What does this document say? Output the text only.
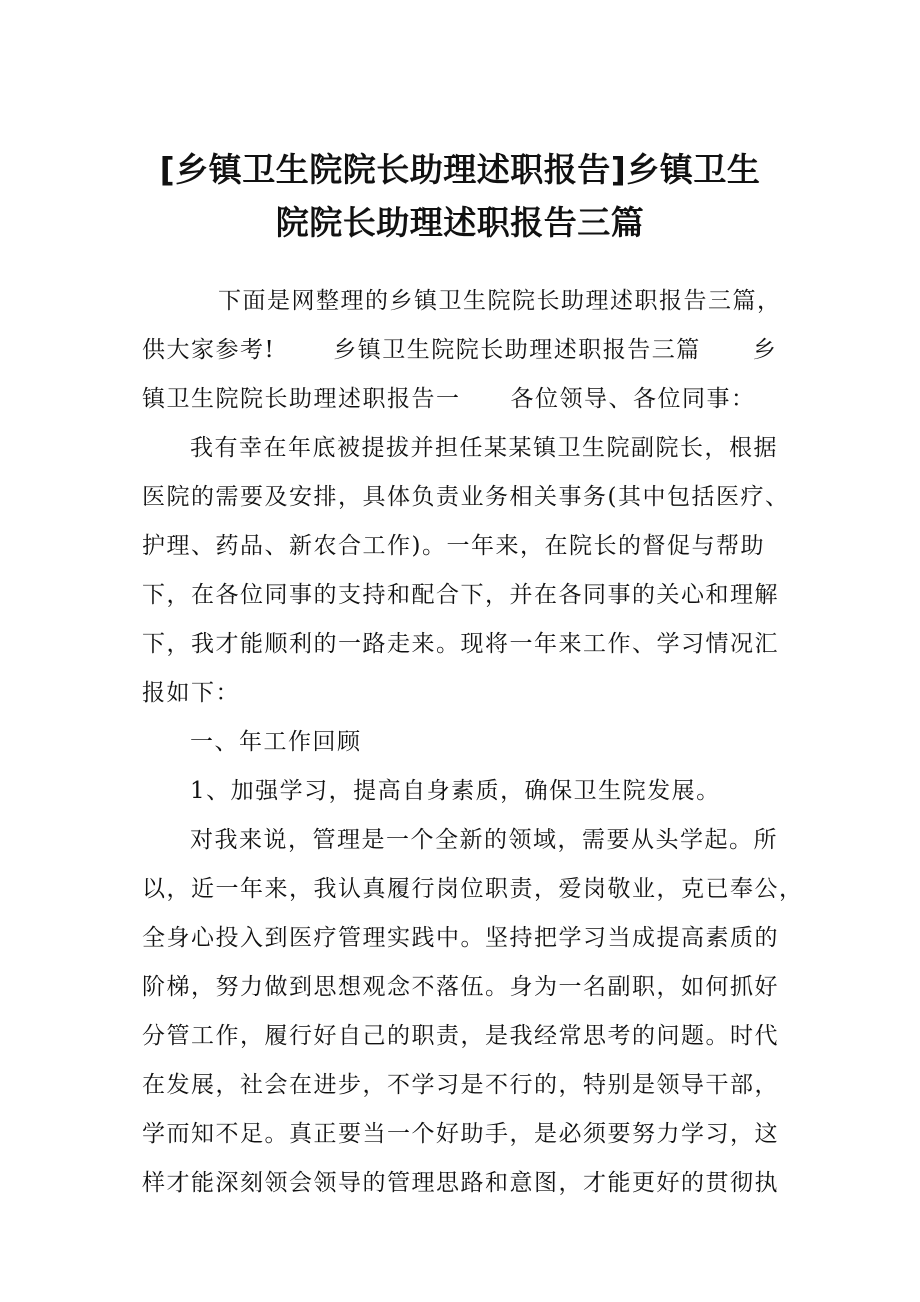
[乡镇卫生院院长助理述职报告]乡镇卫生
院院长助理述职报告三篇
下面是网整理的乡镇卫生院院长助理述职报告三篇，
供大家参考!	乡镇卫生院院长助理述职报告三篇 乡
镇卫生院院长助理述职报告一 各位领导、各位同事：
我有幸在年底被提拔并担任某某镇卫生院副院长，根据
医院的需要及安排，具体负责业务相关事务(其中包括医疗、
护理、药品、新农合工作)。一年来，在院长的督促与帮助
下，在各位同事的支持和配合下，并在各同事的关心和理解
下，我才能顺利的一路走来。现将一年来工作、学习情况汇
报如下：
一、年工作回顾
1、加强学习，提高自身素质，确保卫生院发展。
对我来说，管理是一个全新的领域，需要从头学起。所
以，近一年来，我认真履行岗位职责，爱岗敬业，克已奉公，
全身心投入到医疗管理实践中。坚持把学习当成提高素质的
阶梯，努力做到思想观念不落伍。身为一名副职，如何抓好
分管工作，履行好自己的职责，是我经常思考的问题。时代
在发展，社会在进步，不学习是不行的，特别是领导干部，
学而知不足。真正要当一个好助手，是必须要努力学习，这
样才能深刻领会领导的管理思路和意图，才能更好的贯彻执
